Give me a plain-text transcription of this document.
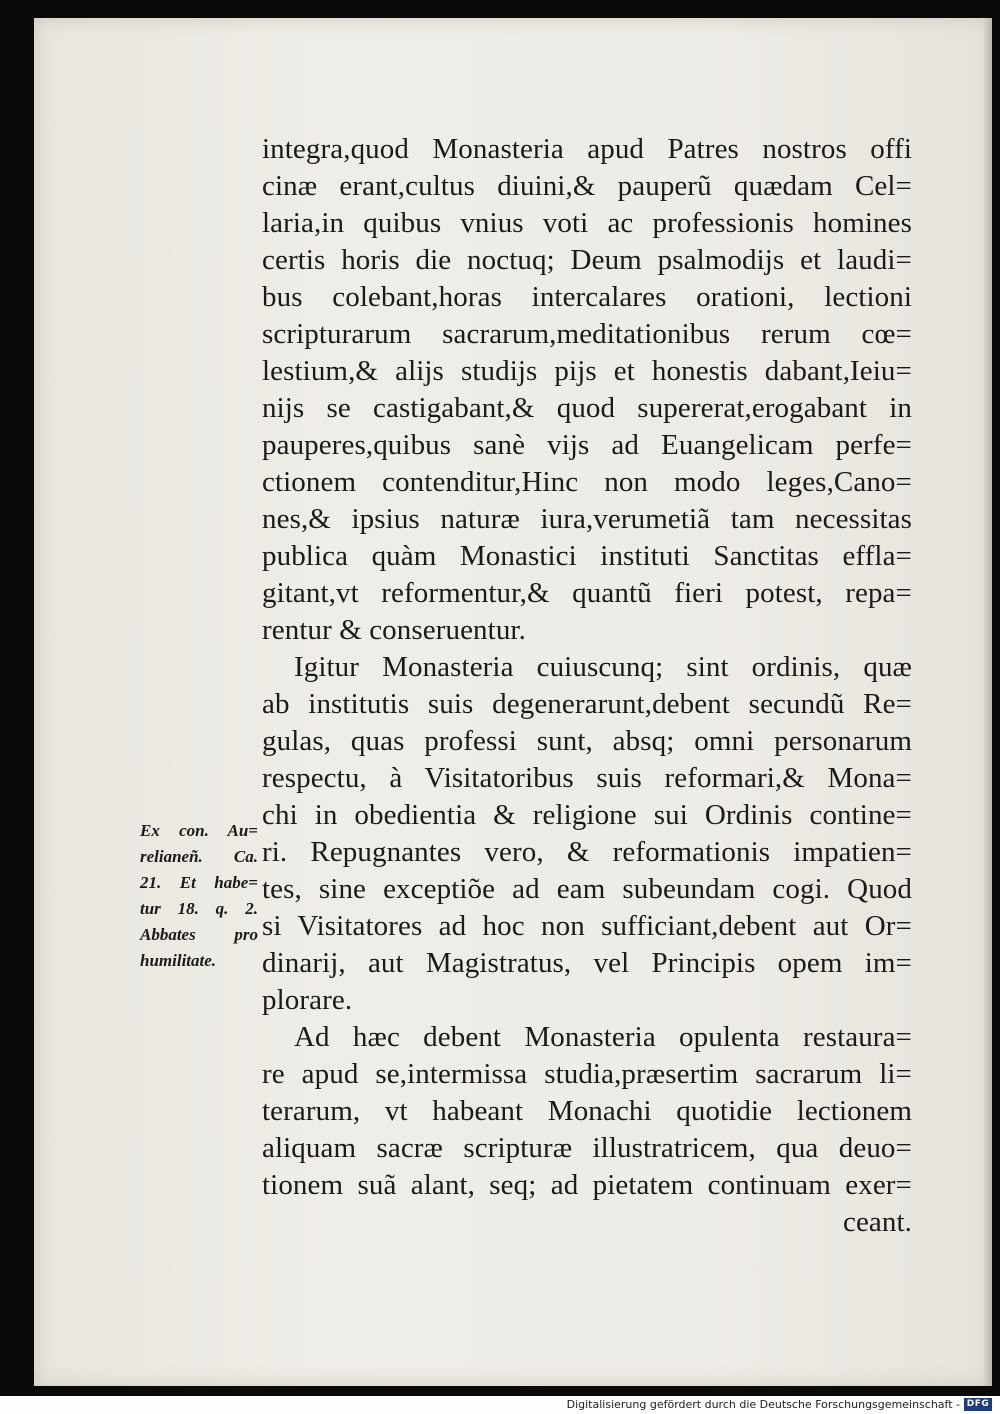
integra,quod Monasteria apud Patres nostros offi
cinæ erant,cultus diuini,& pauperũ quædam Cel=
laria,in quibus vnius voti ac professionis homines
certis horis die noctuq; Deum psalmodijs et laudi=
bus colebant,horas intercalares orationi, lectioni
scripturarum sacrarum,meditationibus rerum cœ=
lestium,& alijs studijs pijs et honestis dabant,Ieiu=
nijs se castigabant,& quod supererat,erogabant in
pauperes,quibus sanè vijs ad Euangelicam perfe=
ctionem contenditur,Hinc non modo leges,Cano=
nes,& ipsius naturæ iura,verumetiã tam necessitas
publica quàm Monastici instituti Sanctitas effla=
gitant,vt reformentur,& quantũ fieri potest, repa=
rentur & conseruentur.
Igitur Monasteria cuiuscunq; sint ordinis, quæ
ab institutis suis degenerarunt,debent secundũ Re=
gulas, quas professi sunt, absq; omni personarum
respectu, à Visitatoribus suis reformari,& Mona=
chi in obedientia & religione sui Ordinis contine=
ri. Repugnantes vero, & reformationis impatien=
tes, sine exceptiõe ad eam subeundam cogi. Quod
si Visitatores ad hoc non sufficiant,debent aut Or=
dinarij, aut Magistratus, vel Principis opem im=
plorare.
Ad hæc debent Monasteria opulenta restaura=
re apud se,intermissa studia,præsertim sacrarum li=
terarum, vt habeant Monachi quotidie lectionem
aliquam sacræ scripturæ illustratricem, qua deuo=
tionem suã alant, seq; ad pietatem continuam exer=
ceant.
Ex con. Au=
relianeñ. Ca.
21. Et habe=
tur 18. q. 2.
Abbates pro
humilitate.
Digitalisierung gefördert durch die Deutsche Forschungsgemeinschaft - DFG
